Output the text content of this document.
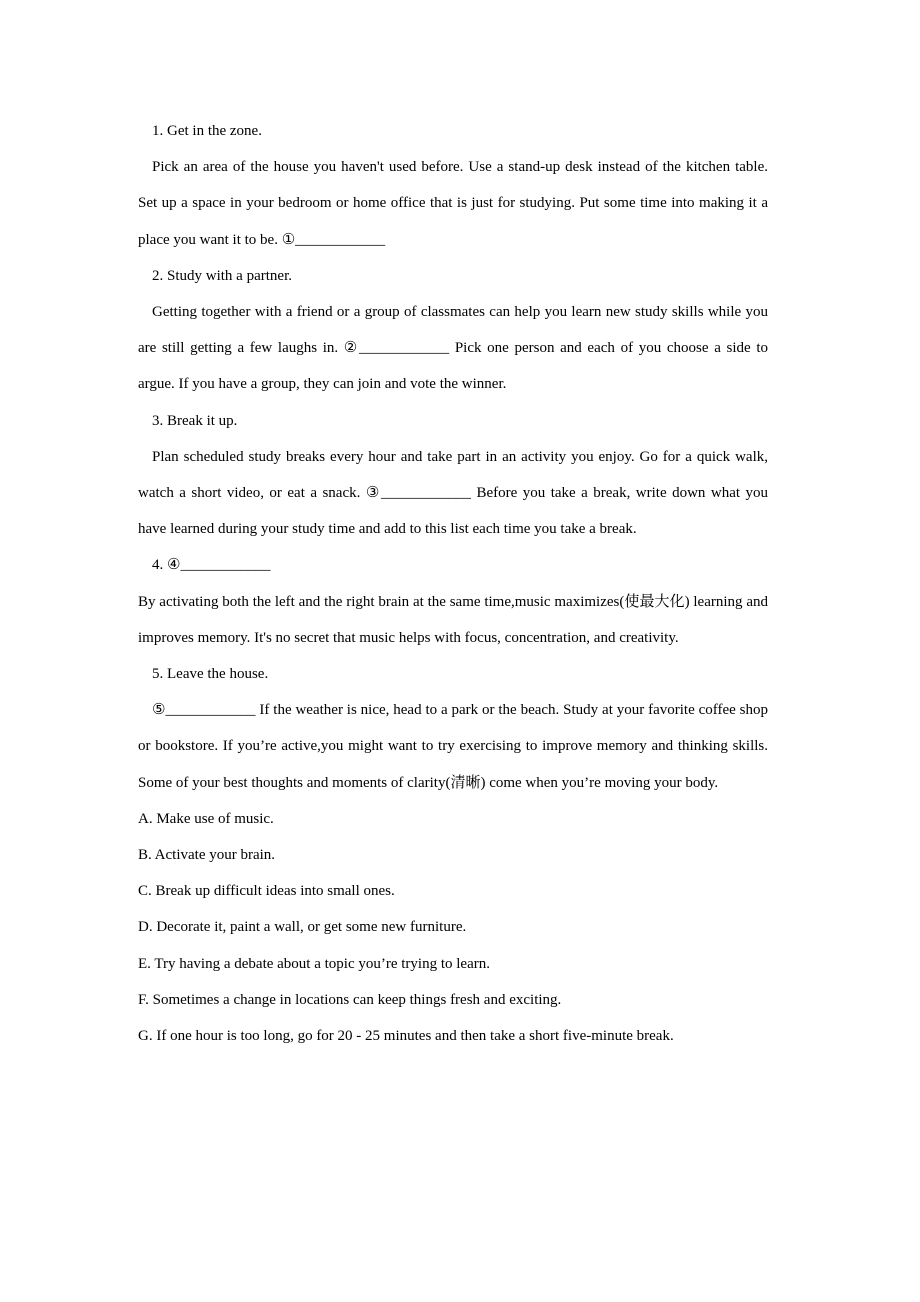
1. Get in the zone.

Pick an area of the house you haven't used before. Use a stand-up desk instead of the kitchen table. Set up a space in your bedroom or home office that is just for studying. Put some time into making it a place you want it to be. ①____________

2. Study with a partner.

Getting together with a friend or a group of classmates can help you learn new study skills while you are still getting a few laughs in. ②____________ Pick one person and each of you choose a side to argue. If you have a group, they can join and vote the winner.

3. Break it up.

Plan scheduled study breaks every hour and take part in an activity you enjoy. Go for a quick walk, watch a short video, or eat a snack. ③____________ Before you take a break, write down what you have learned during your study time and add to this list each time you take a break.

4. ④____________

By activating both the left and the right brain at the same time,music maximizes(使最大化) learning and improves memory. It's no secret that music helps with focus, concentration, and creativity.

5. Leave the house.

⑤____________ If the weather is nice, head to a park or the beach. Study at your favorite coffee shop or bookstore. If you’re active,you might want to try exercising to improve memory and thinking skills. Some of your best thoughts and moments of clarity(清晰) come when you’re moving your body.

A. Make use of music.

B. Activate your brain.

C. Break up difficult ideas into small ones.

D. Decorate it, paint a wall, or get some new furniture.

E. Try having a debate about a topic you’re trying to learn.

F. Sometimes a change in locations can keep things fresh and exciting.

G. If one hour is too long, go for 20 - 25 minutes and then take a short five-minute break.
